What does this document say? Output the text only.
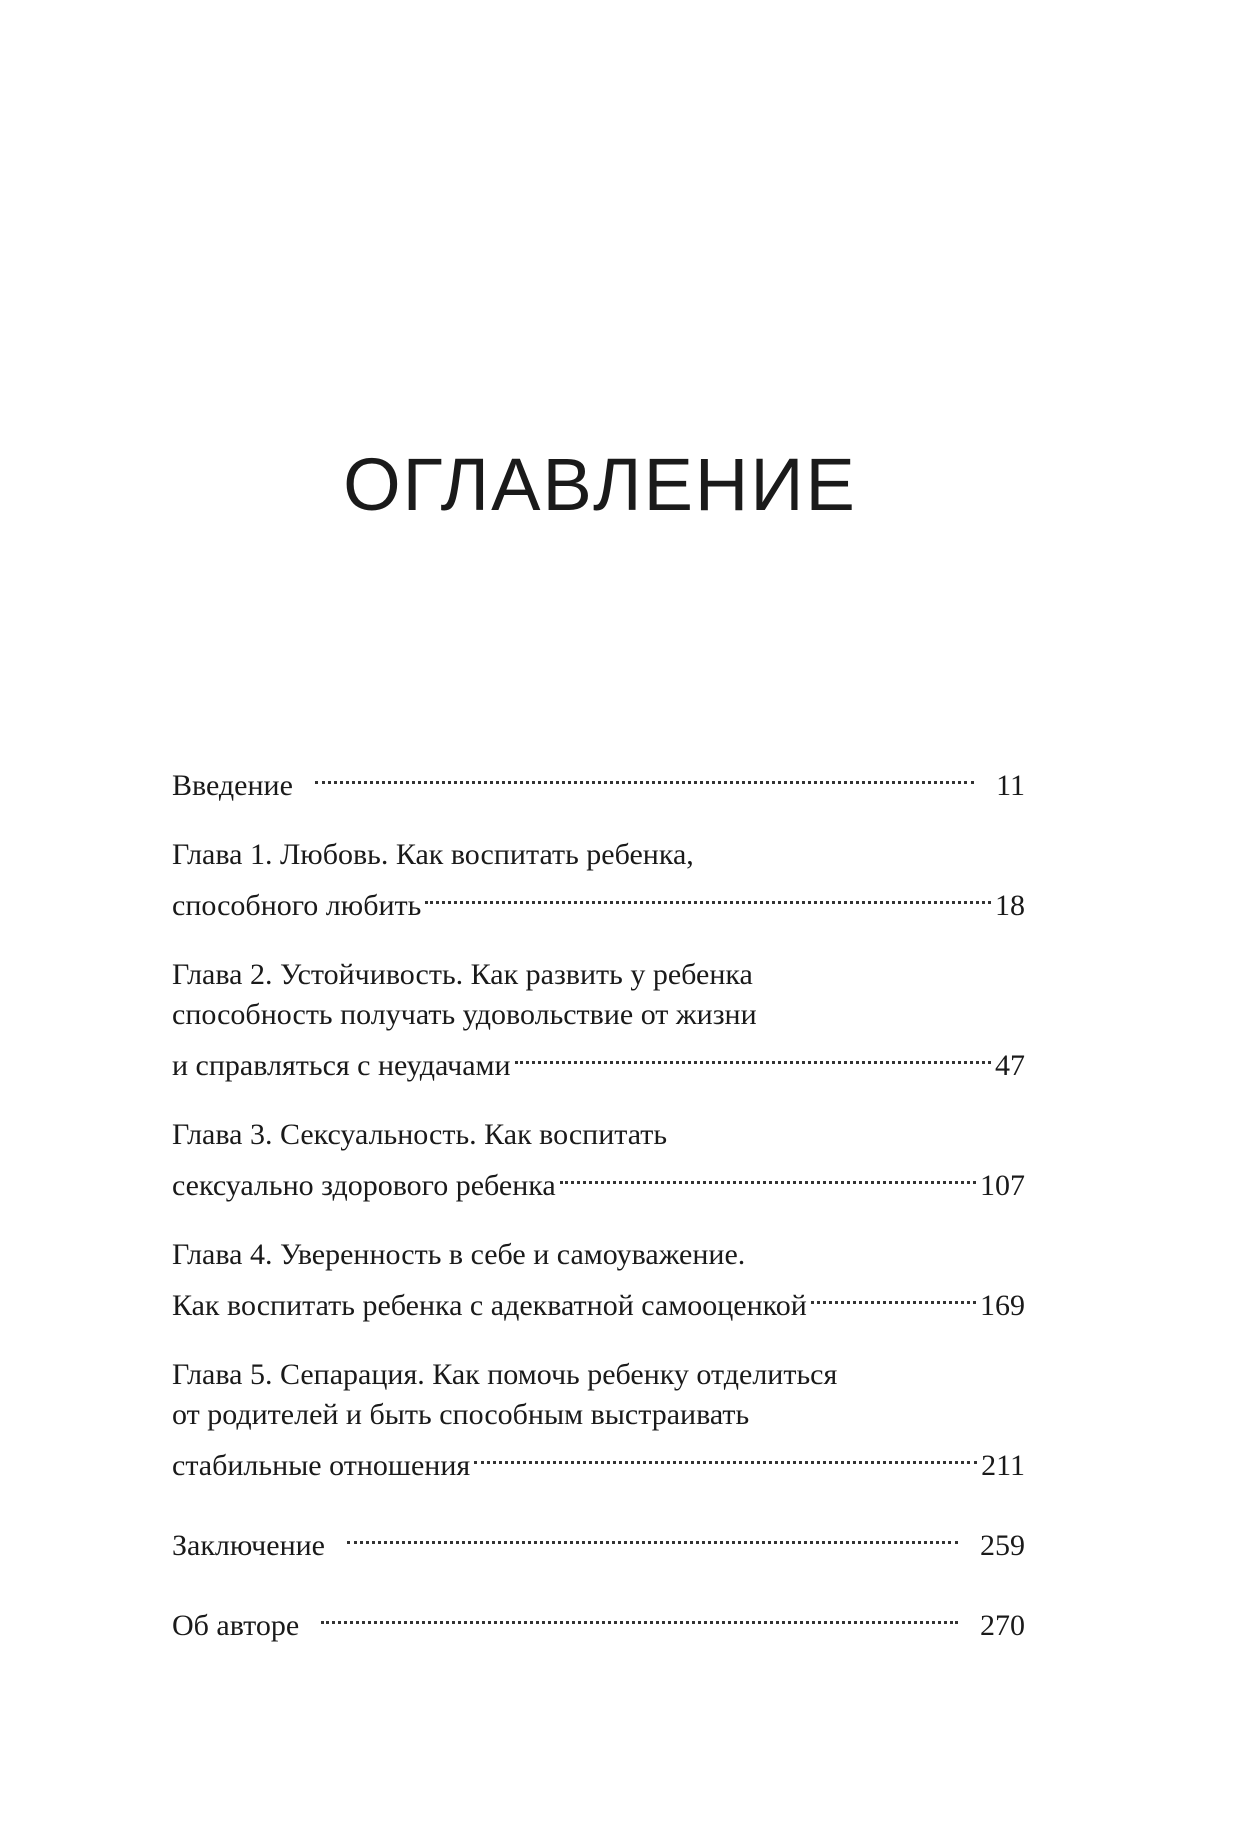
ОГЛАВЛЕНИЕ
Введение	11
Глава 1. Любовь. Как воспитать ребенка,
способного любить	18
Глава 2. Устойчивость. Как развить у ребенка
способность получать удовольствие от жизни
и справляться с неудачами	47
Глава 3. Сексуальность. Как воспитать
сексуально здорового ребенка	107
Глава 4. Уверенность в себе и самоуважение.
Как воспитать ребенка с адекватной самооценкой	169
Глава 5. Сепарация. Как помочь ребенку отделиться
от родителей и быть способным выстраивать
стабильные отношения	211
Заключение	259
Об авторе	270
